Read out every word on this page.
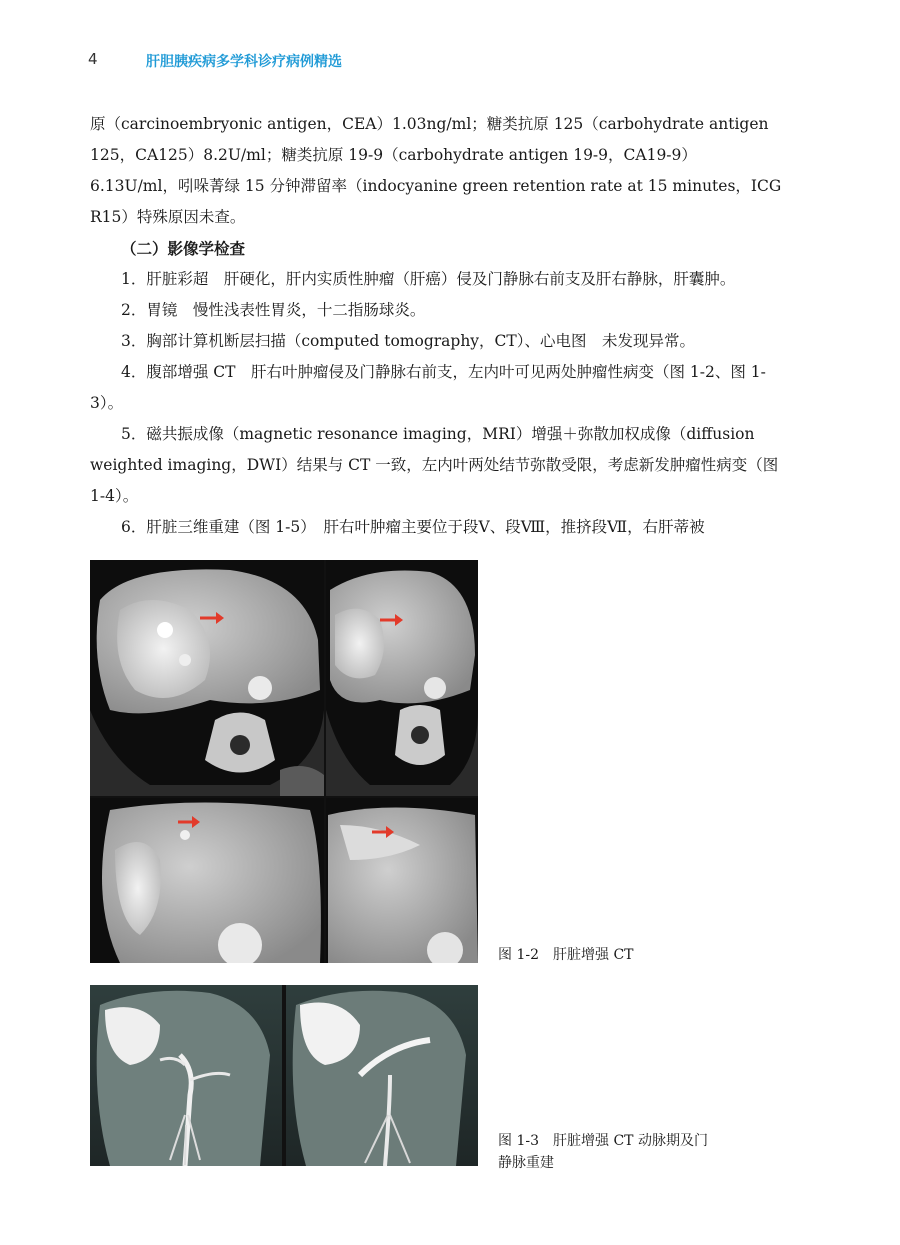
4	肝胆胰疾病多学科诊疗病例精选

原（carcinoembryonic antigen，CEA）1.03ng/ml；糖类抗原 125（carbohydrate antigen 125，CA125）8.2U/ml；糖类抗原 19-9（carbohydrate antigen 19-9，CA19-9）6.13U/ml，吲哚菁绿 15 分钟滞留率（indocyanine green retention rate at 15 minutes，ICG R15）特殊原因未查。

（二）影像学检查

1．肝脏彩超　肝硬化，肝内实质性肿瘤（肝癌）侵及门静脉右前支及肝右静脉，肝囊肿。

2．胃镜　慢性浅表性胃炎，十二指肠球炎。

3．胸部计算机断层扫描（computed tomography，CT）、心电图　未发现异常。

4．腹部增强 CT　肝右叶肿瘤侵及门静脉右前支，左内叶可见两处肿瘤性病变（图 1-2、图 1-3）。

5．磁共振成像（magnetic resonance imaging，MRI）增强＋弥散加权成像（diffusion weighted imaging，DWI）结果与 CT 一致，左内叶两处结节弥散受限，考虑新发肿瘤性病变（图 1-4）。

6．肝脏三维重建（图 1-5）　肝右叶肿瘤主要位于段Ⅴ、段Ⅷ，推挤段Ⅶ，右肝蒂被

图 1-2　肝脏增强 CT
图 1-3　肝脏增强 CT 动脉期及门静脉重建
